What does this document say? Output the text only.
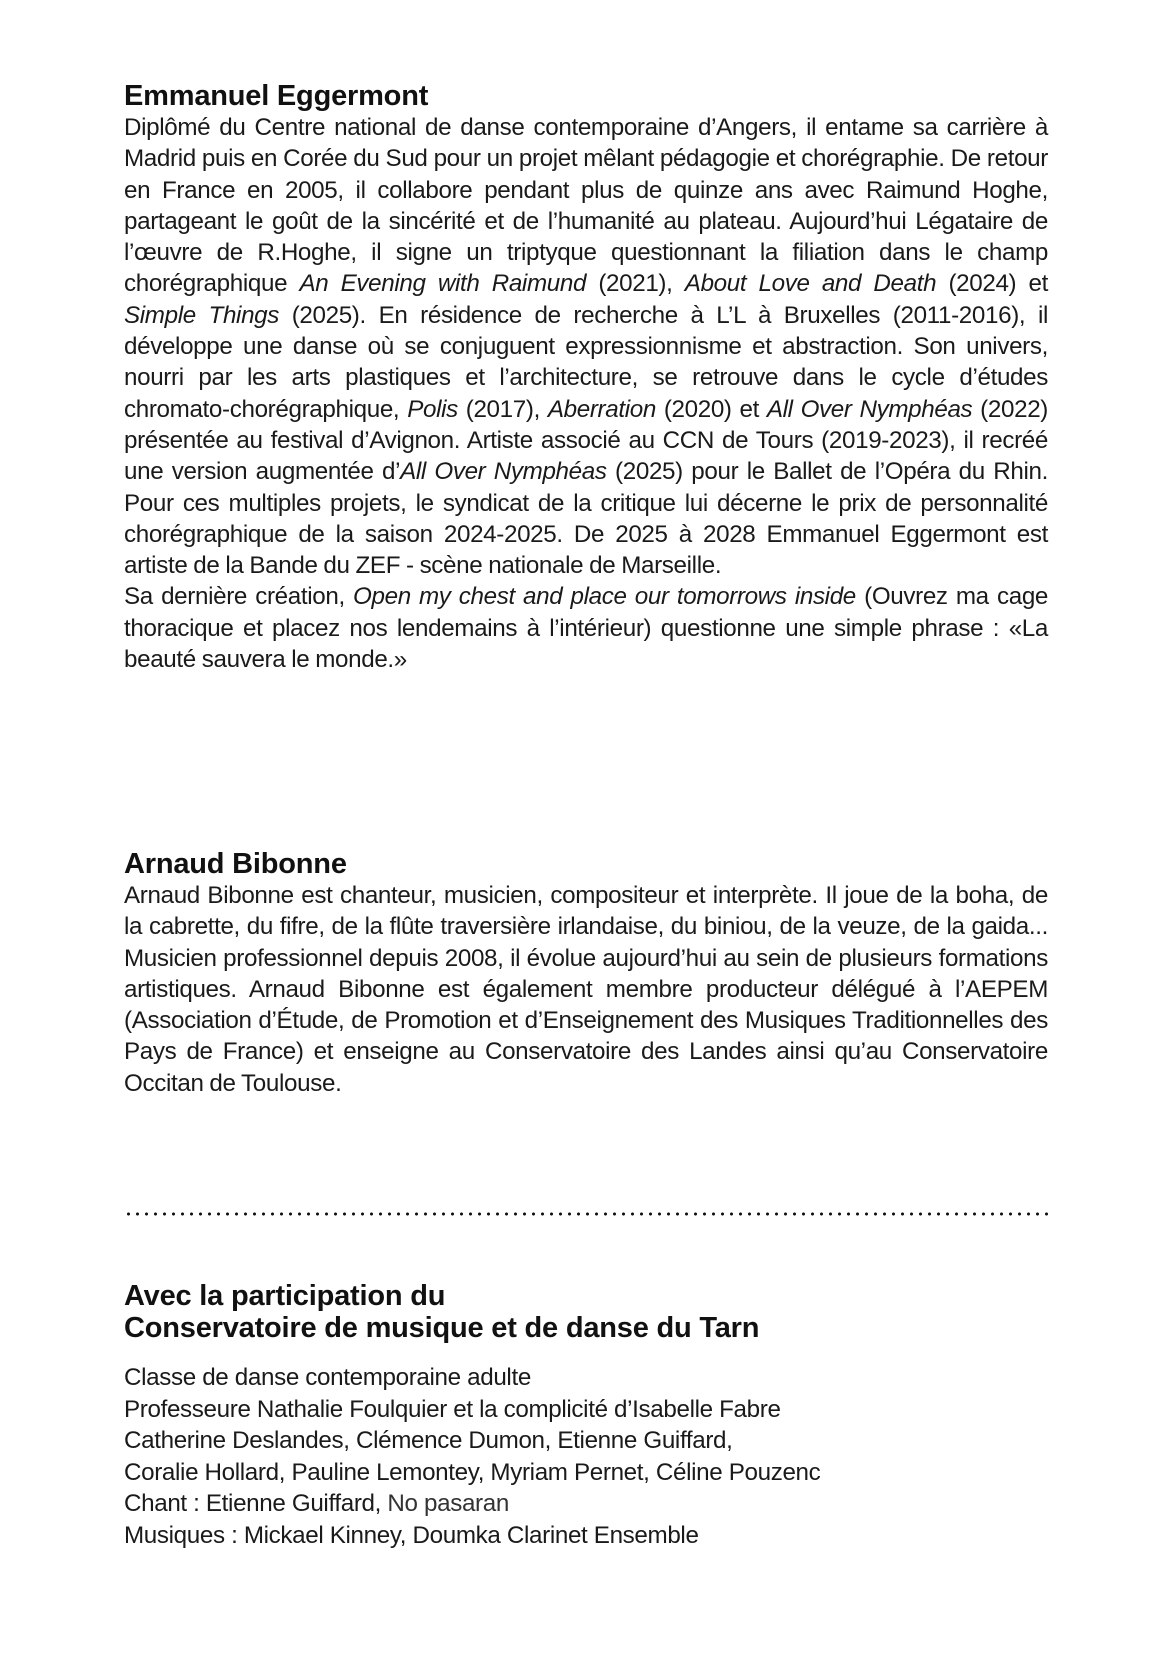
Emmanuel Eggermont

Diplômé du Centre national de danse contemporaine d’Angers, il entame sa carrière à Madrid puis en Corée du Sud pour un projet mêlant pédagogie et chorégraphie. De retour en France en 2005, il collabore pendant plus de quinze ans avec Raimund Hoghe, partageant le goût de la sincérité et de l’humanité au plateau. Aujourd’hui Légataire de l’œuvre de R.Hoghe, il signe un triptyque questionnant la filiation dans le champ chorégraphique An Evening with Raimund (2021), About Love and Death (2024) et Simple Things (2025). En résidence de recherche à L’L à Bruxelles (2011-2016), il développe une danse où se conjuguent expressionnisme et abstraction. Son univers, nourri par les arts plastiques et l’architecture, se retrouve dans le cycle d’études chromato-chorégraphique, Polis (2017), Aberration (2020) et All Over Nymphéas (2022) présentée au festival d’Avignon. Artiste associé au CCN de Tours (2019-2023), il recréé une version augmentée d’All Over Nymphéas (2025) pour le Ballet de l’Opéra du Rhin. Pour ces multiples projets, le syndicat de la critique lui décerne le prix de personnalité chorégraphique de la saison 2024-2025. De 2025 à 2028 Emmanuel Eggermont est artiste de la Bande du ZEF - scène nationale de Marseille.

Sa dernière création, Open my chest and place our tomorrows inside (Ouvrez ma cage thoracique et placez nos lendemains à l’intérieur) questionne une simple phrase : «La beauté sauvera le monde.»

Arnaud Bibonne

Arnaud Bibonne est chanteur, musicien, compositeur et interprète. Il joue de la boha, de la cabrette, du fifre, de la flûte traversière irlandaise, du biniou, de la veuze, de la gaida... Musicien professionnel depuis 2008, il évolue aujourd’hui au sein de plusieurs formations artistiques. Arnaud Bibonne est également membre producteur délégué à l’AEPEM (Association d’Étude, de Promotion et d’Enseignement des Musiques Traditionnelles des Pays de France) et enseigne au Conservatoire des Landes ainsi qu’au Conservatoire Occitan de Toulouse.

Avec la participation du
Conservatoire de musique et de danse du Tarn
Classe de danse contemporaine adulte
Professeure Nathalie Foulquier et la complicité d’Isabelle Fabre
Catherine Deslandes, Clémence Dumon, Etienne Guiffard,
Coralie Hollard, Pauline Lemontey, Myriam Pernet, Céline Pouzenc
Chant : Etienne Guiffard, No pasaran
Musiques : Mickael Kinney, Doumka Clarinet Ensemble
